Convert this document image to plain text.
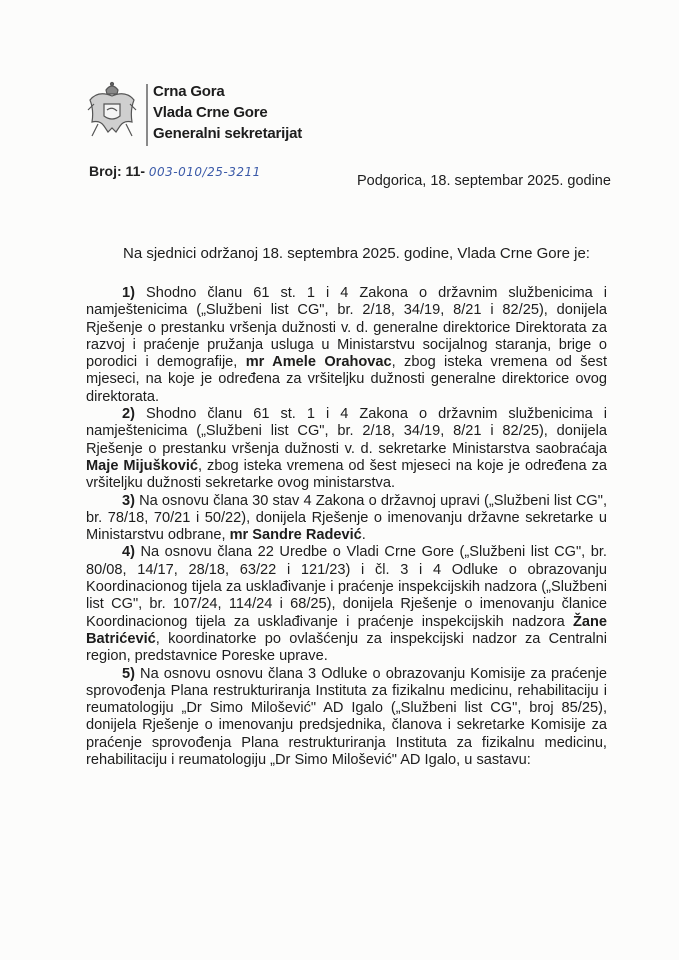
Crna Gora
Vlada Crne Gore
Generalni sekretarijat
Broj: 11- 003-010/25-3211
Podgorica, 18. septembar 2025. godine
Na sjednici održanoj 18. septembra 2025. godine, Vlada Crne Gore je:

1) Shodno članu 61 st. 1 i 4 Zakona o državnim službenicima i namještenicima („Službeni list CG", br. 2/18, 34/19, 8/21 i 82/25), donijela Rješenje o prestanku vršenja dužnosti v. d. generalne direktorice Direktorata za razvoj i praćenje pružanja usluga u Ministarstvu socijalnog staranja, brige o porodici i demografije, mr Amele Orahovac, zbog isteka vremena od šest mjeseci, na koje je određena za vršiteljku dužnosti generalne direktorice ovog direktorata.

2) Shodno članu 61 st. 1 i 4 Zakona o državnim službenicima i namještenicima („Službeni list CG", br. 2/18, 34/19, 8/21 i 82/25), donijela Rješenje o prestanku vršenja dužnosti v. d. sekretarke Ministarstva saobraćaja Maje Mijušković, zbog isteka vremena od šest mjeseci na koje je određena za vršiteljku dužnosti sekretarke ovog ministarstva.

3) Na osnovu člana 30 stav 4 Zakona o državnoj upravi („Službeni list CG", br. 78/18, 70/21 i 50/22), donijela Rješenje o imenovanju državne sekretarke u Ministarstvu odbrane, mr Sandre Radević.

4) Na osnovu člana 22 Uredbe o Vladi Crne Gore („Službeni list CG", br. 80/08, 14/17, 28/18, 63/22 i 121/23) i čl. 3 i 4 Odluke o obrazovanju Koordinacionog tijela za usklađivanje i praćenje inspekcijskih nadzora („Službeni list CG", br. 107/24, 114/24 i 68/25), donijela Rješenje o imenovanju članice Koordinacionog tijela za usklađivanje i praćenje inspekcijskih nadzora Žane Batrićević, koordinatorke po ovlašćenju za inspekcijski nadzor za Centralni region, predstavnice Poreske uprave.

5) Na osnovu osnovu člana 3 Odluke o obrazovanju Komisije za praćenje sprovođenja Plana restrukturiranja Instituta za fizikalnu medicinu, rehabilitaciju i reumatologiju „Dr Simo Milošević" AD Igalo („Službeni list CG", broj 85/25), donijela Rješenje o imenovanju predsjednika, članova i sekretarke Komisije za praćenje sprovođenja Plana restrukturiranja Instituta za fizikalnu medicinu, rehabilitaciju i reumatologiju „Dr Simo Milošević" AD Igalo, u sastavu:
